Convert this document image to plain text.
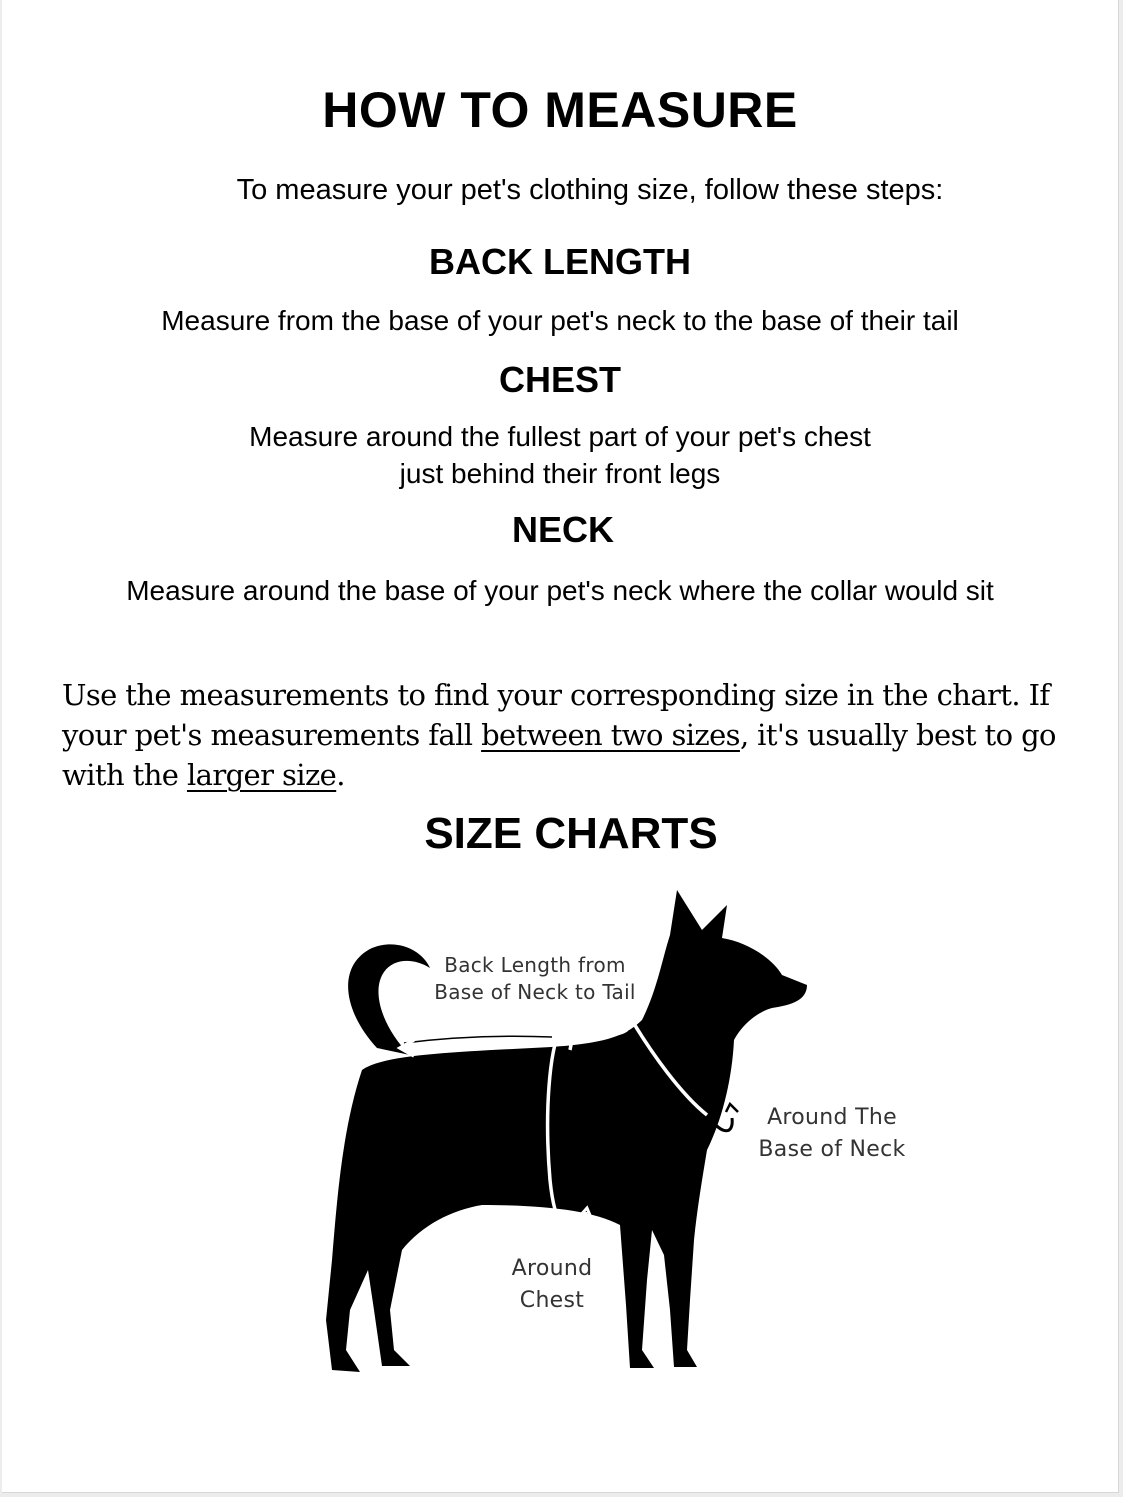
HOW TO MEASURE

To measure your pet's clothing size, follow these steps:

BACK LENGTH

Measure from the base of your pet's neck to the base of their tail

CHEST
Measure around the fullest part of your pet's chest
just behind their front legs
NECK

Measure around the base of your pet's neck where the collar would sit

Use the measurements to find your corresponding size in the chart. If your pet's measurements fall between two sizes, it's usually best to go with the larger size.

SIZE CHARTS
Back Length from
Base of Neck to Tail
Around The
Base of Neck
Around
Chest
